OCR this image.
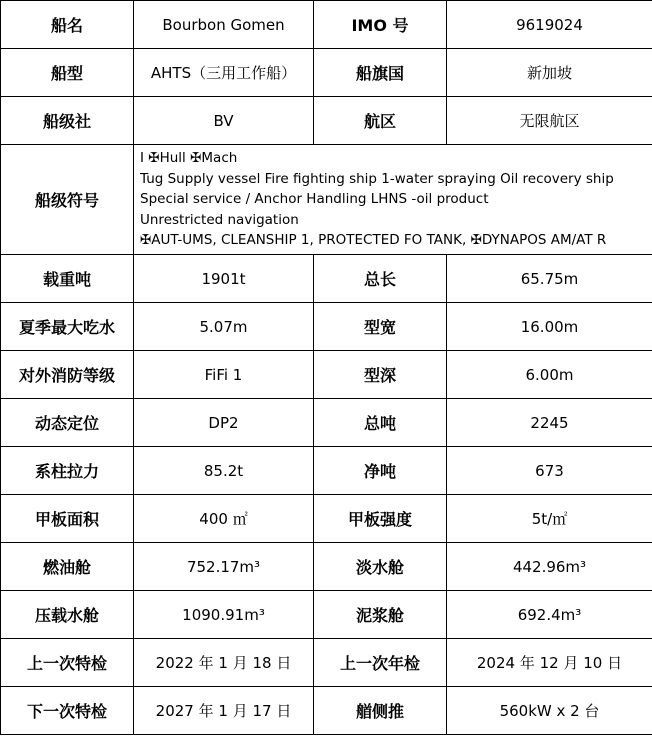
船名	Bourbon Gomen	IMO 号	9619024
船型	AHTS（三用工作船）	船旗国	新加坡
船级社	BV	航区	无限航区
船级符号	I ✠Hull ✠Mach
Tug Supply vessel Fire fighting ship 1-water spraying Oil recovery ship Special service / Anchor Handling LHNS -oil product
Unrestricted navigation
✠AUT-UMS, CLEANSHIP 1, PROTECTED FO TANK, ✠DYNAPOS AM/AT R		

载重吨	1901t	总长	65.75m
夏季最大吃水	5.07m	型宽	16.00m
对外消防等级	FiFi 1	型深	6.00m
动态定位	DP2	总吨	2245
系柱拉力	85.2t	净吨	673
甲板面积	400 ㎡	甲板强度	5t/㎡
燃油舱	752.17m³	淡水舱	442.96m³
压载水舱	1090.91m³	泥浆舱	692.4m³
上一次特检	2022 年 1 月 18 日	上一次年检	2024 年 12 月 10 日
下一次特检	2027 年 1 月 17 日	艏侧推	560kW x 2 台
